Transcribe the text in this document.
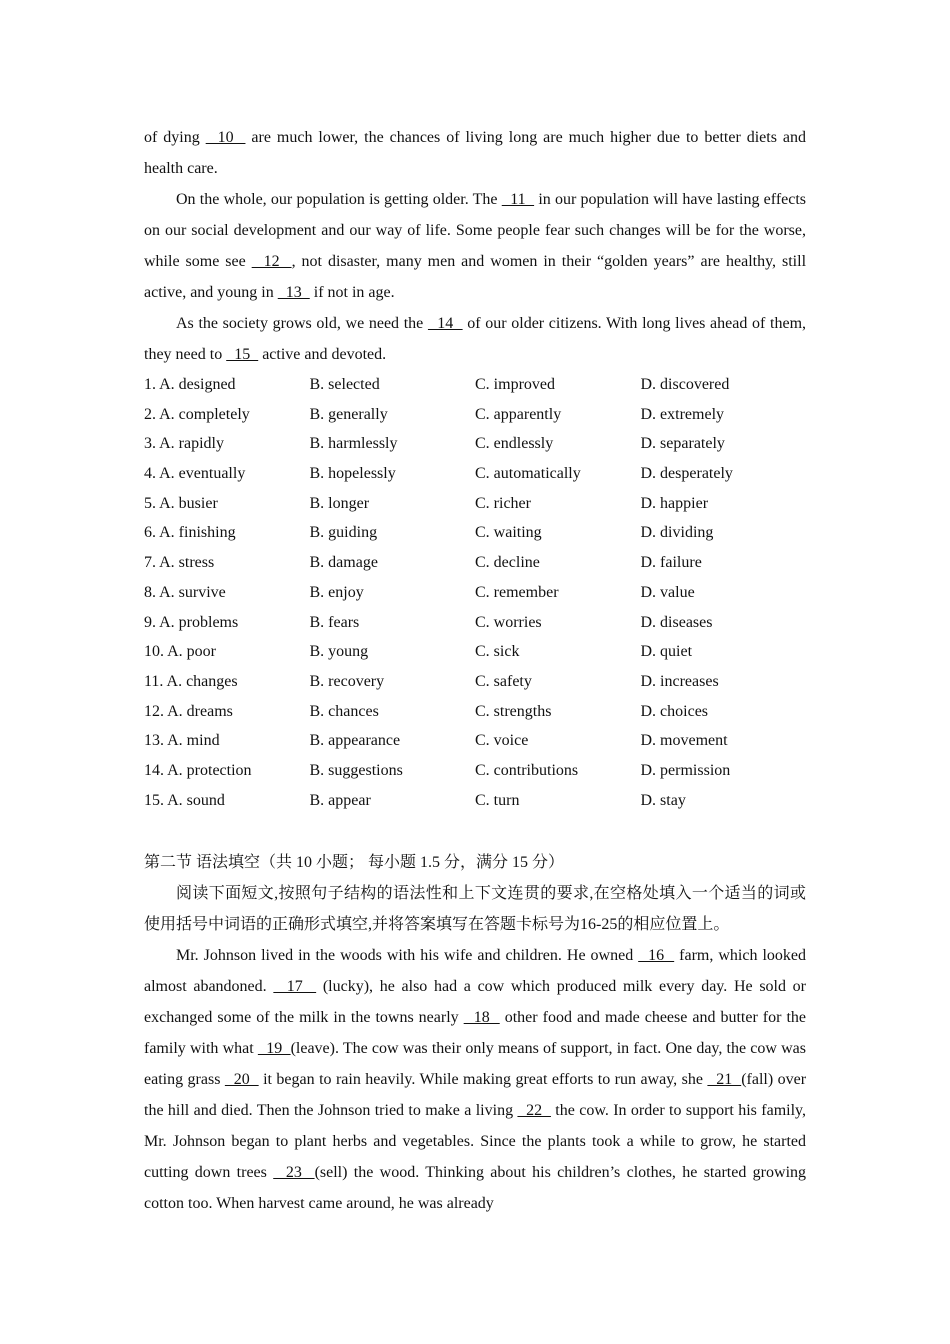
of dying   10   are much lower, the chances of living long are much higher due to better diets and health care.

On the whole, our population is getting older. The   11   in our population will have lasting effects on our social development and our way of life. Some people fear such changes will be for the worse, while some see   12  , not disaster, many men and women in their “golden years” are healthy, still active, and young in   13   if not in age.

As the society grows old, we need the   14   of our older citizens. With long lives ahead of them, they need to   15   active and devoted.

1. A. designed	B. selected	C. improved	D. discovered
2. A. completely	B. generally	C. apparently	D. extremely
3. A. rapidly	B. harmlessly	C. endlessly	D. separately
4. A. eventually	B. hopelessly	C. automatically	D. desperately
5. A. busier	B. longer	C. richer	D. happier
6. A. finishing	B. guiding	C. waiting	D. dividing
7. A. stress	B. damage	C. decline	D. failure
8. A. survive	B. enjoy	C. remember	D. value
9. A. problems	B. fears	C. worries	D. diseases
10. A. poor	B. young	C. sick	D. quiet
11. A. changes	B. recovery	C. safety	D. increases
12. A. dreams	B. chances	C. strengths	D. choices
13. A. mind	B. appearance	C. voice	D. movement
14. A. protection	B. suggestions	C. contributions	D. permission
15. A. sound	B. appear	C. turn	D. stay
第二节 语法填空（共 10 小题； 每小题 1.5 分，满分 15 分）

阅读下面短文,按照句子结构的语法性和上下文连贯的要求,在空格处填入一个适当的词或使用括号中词语的正确形式填空,并将答案填写在答题卡标号为16-25的相应位置上。

Mr. Johnson lived in the woods with his wife and children. He owned   16   farm, which looked almost abandoned.   17   (lucky), he also had a cow which produced milk every day. He sold or exchanged some of the milk in the towns nearly   18   other food and made cheese and butter for the family with what   19  (leave). The cow was their only means of support, in fact. One day, the cow was eating grass   20   it began to rain heavily. While making great efforts to run away, she   21  (fall) over the hill and died. Then the Johnson tried to make a living   22   the cow. In order to support his family, Mr. Johnson began to plant herbs and vegetables. Since the plants took a while to grow, he started cutting down trees   23  (sell) the wood. Thinking about his children’s clothes, he started growing cotton too. When harvest came around, he was already
